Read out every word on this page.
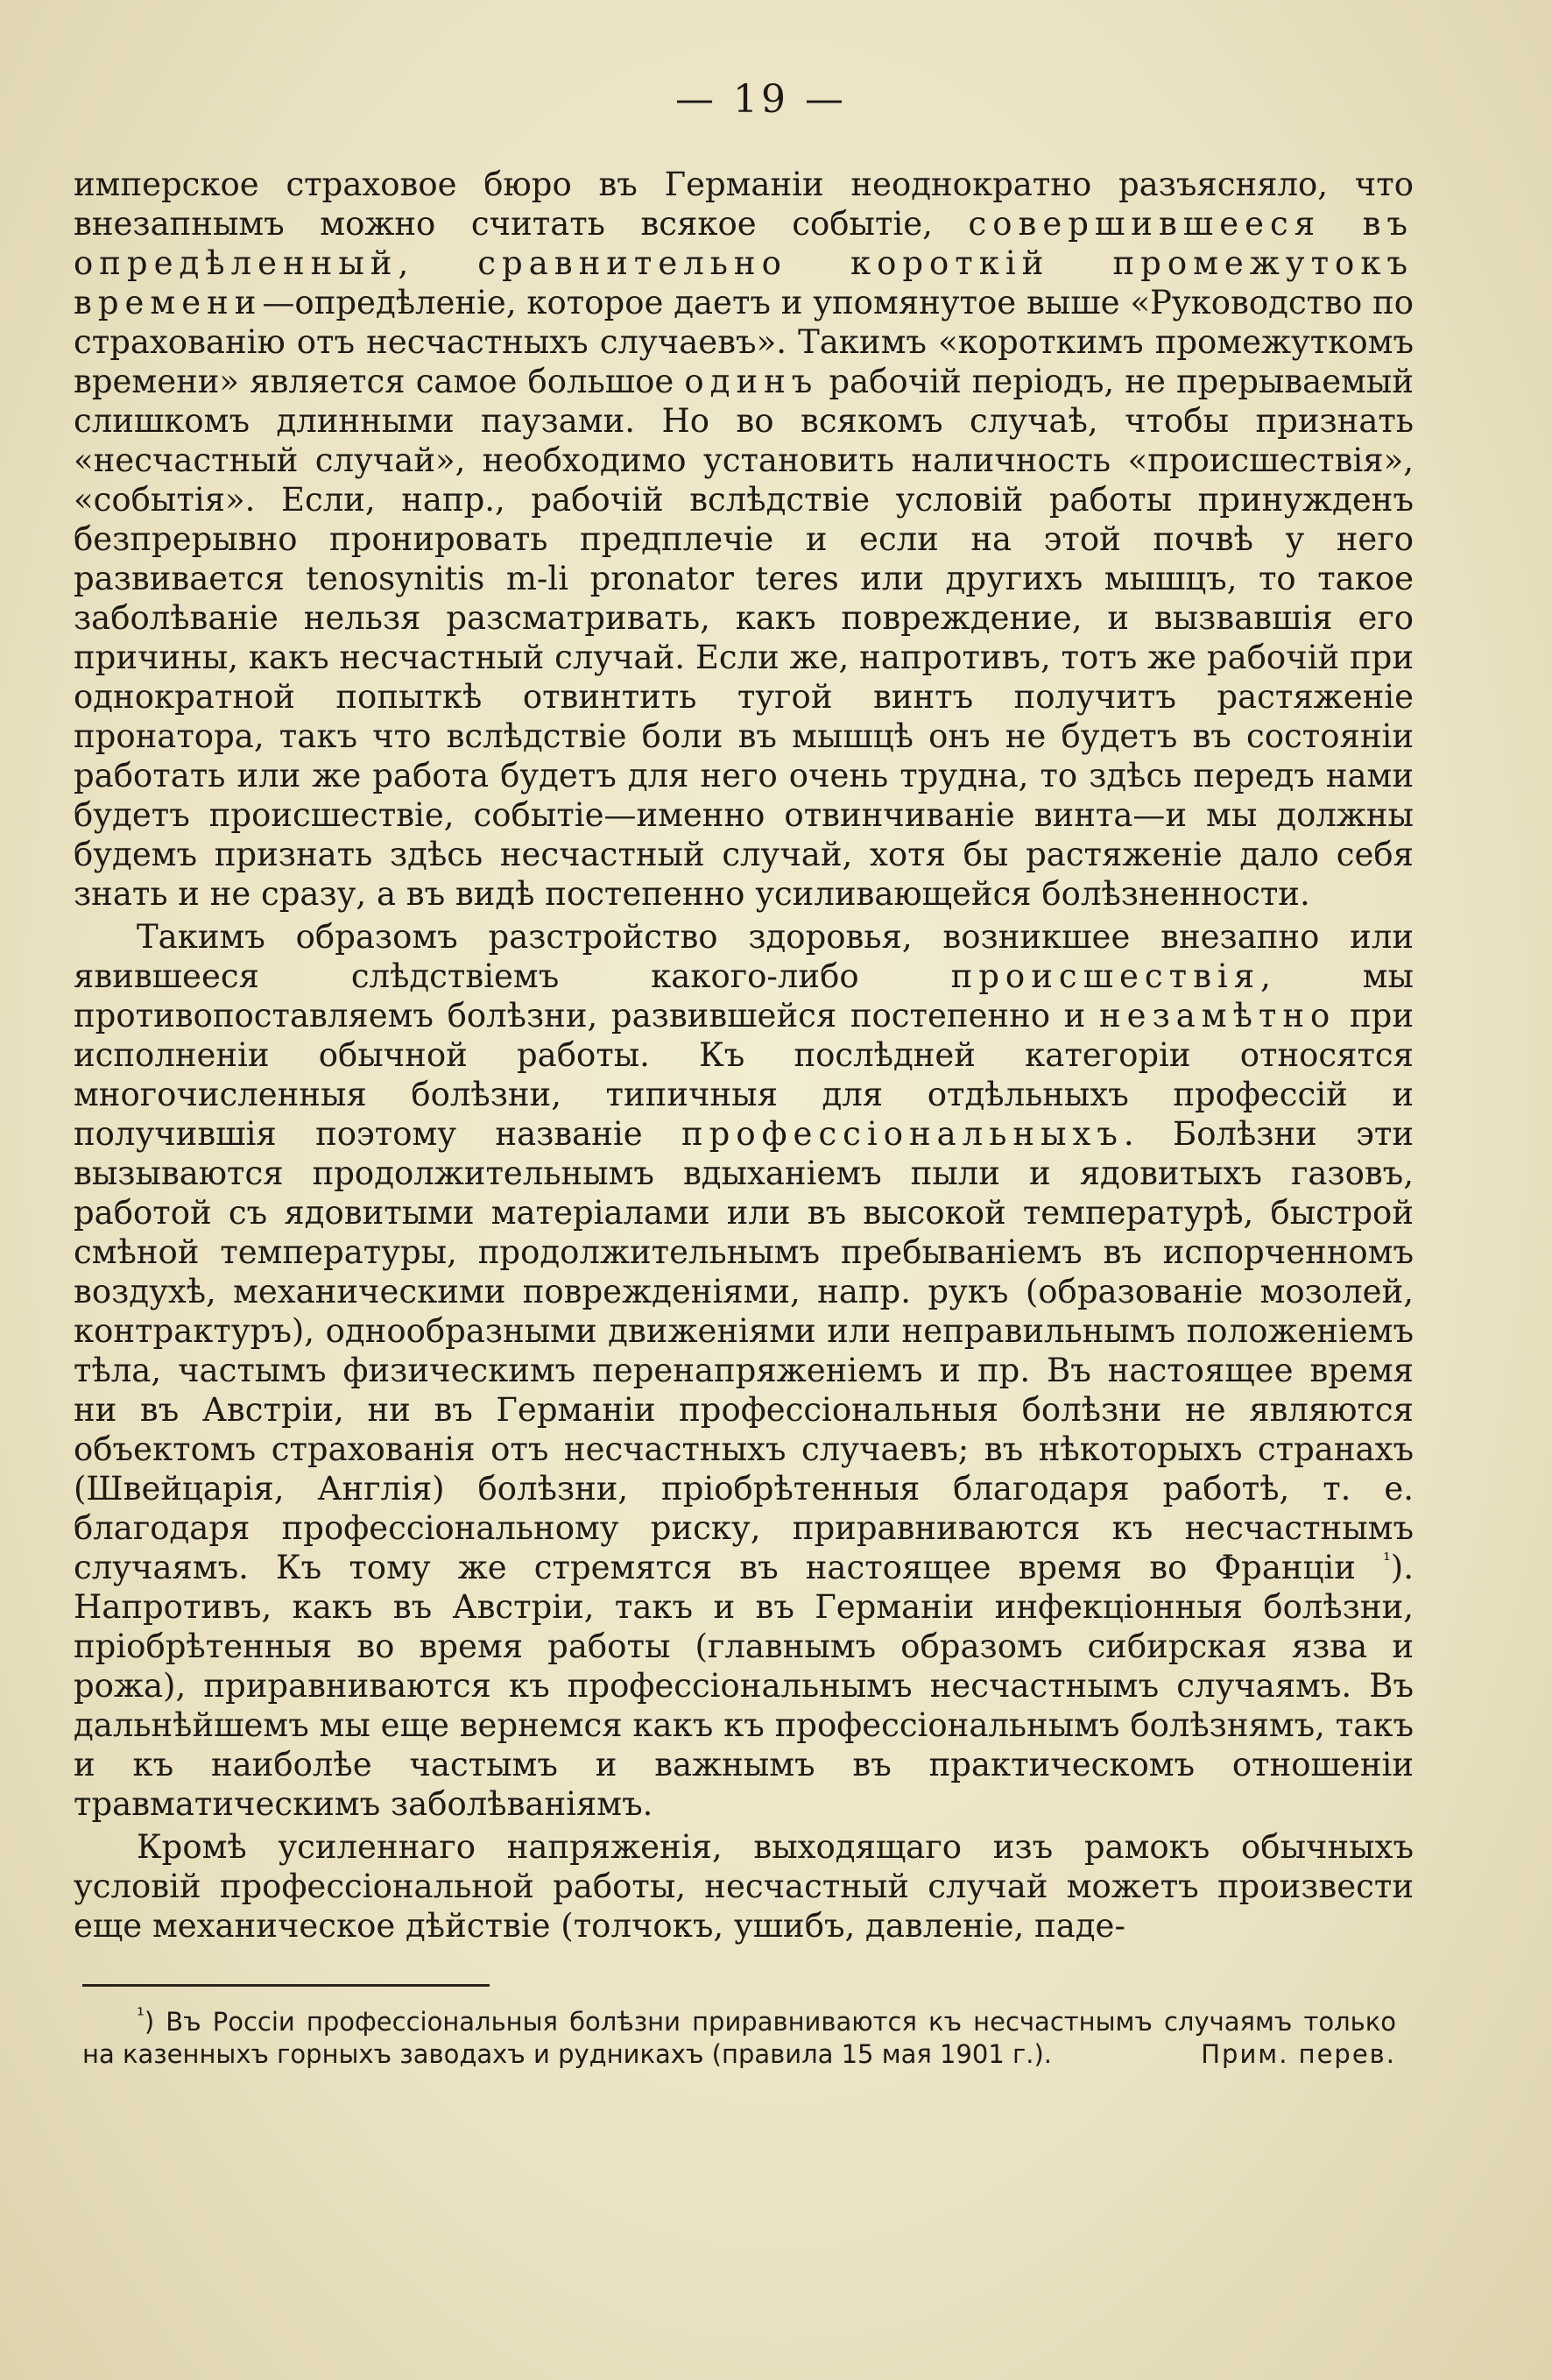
— 19 —

имперское страховое бюро въ Германіи неоднократно разъясняло, что внезапнымъ можно считать всякое событіе, совершившееся въ опредѣленный, сравнительно короткій промежутокъ времени—опредѣленіе, которое даетъ и упомянутое выше «Руководство по страхованію отъ несчастныхъ случаевъ». Такимъ «короткимъ промежуткомъ времени» является самое большое одинъ рабочій періодъ, не прерываемый слишкомъ длинными паузами. Но во всякомъ случаѣ, чтобы признать «несчастный случай», необходимо установить наличность «происшествія», «событія». Если, напр., рабочій вслѣдствіе условій работы принужденъ безпрерывно пронировать предплечіе и если на этой почвѣ у него развивается tenosynitis m-li pronator teres или другихъ мышцъ, то такое заболѣваніе нельзя разсматривать, какъ повреждение, и вызвавшія его причины, какъ несчастный случай. Если же, напротивъ, тотъ же рабочій при однократной попыткѣ отвинтить тугой винтъ получитъ растяженіе пронатора, такъ что вслѣдствіе боли въ мышцѣ онъ не будетъ въ состояніи работать или же работа будетъ для него очень трудна, то здѣсь передъ нами будетъ происшествіе, событіе—именно отвинчиваніе винта—и мы должны будемъ признать здѣсь несчастный случай, хотя бы растяженіе дало себя знать и не сразу, а въ видѣ постепенно усиливающейся болѣзненности.

Такимъ образомъ разстройство здоровья, возникшее внезапно или явившееся слѣдствіемъ какого-либо происшествія, мы противопоставляемъ болѣзни, развившейся постепенно и незамѣтно при исполненіи обычной работы. Къ послѣдней категоріи относятся многочисленныя болѣзни, типичныя для отдѣльныхъ профессій и получившія поэтому названіе профессіональныхъ. Болѣзни эти вызываются продолжительнымъ вдыханіемъ пыли и ядовитыхъ газовъ, работой съ ядовитыми матеріалами или въ высокой температурѣ, быстрой смѣной температуры, продолжительнымъ пребываніемъ въ испорченномъ воздухѣ, механическими поврежденіями, напр. рукъ (образованіе мозолей, контрактуръ), однообразными движеніями или неправильнымъ положеніемъ тѣла, частымъ физическимъ перенапряженіемъ и пр. Въ настоящее время ни въ Австріи, ни въ Германіи профессіональныя болѣзни не являются объектомъ страхованія отъ несчастныхъ случаевъ; въ нѣкоторыхъ странахъ (Швейцарія, Англія) болѣзни, пріобрѣтенныя благодаря работѣ, т. е. благодаря профессіональному риску, приравниваются къ несчастнымъ случаямъ. Къ тому же стремятся въ настоящее время во Франціи $^{^1}$). Напротивъ, какъ въ Австріи, такъ и въ Германіи инфекціонныя болѣзни, пріобрѣтенныя во время работы (главнымъ образомъ сибирская язва и рожа), приравниваются къ профессіональнымъ несчастнымъ случаямъ. Въ дальнѣйшемъ мы еще вернемся какъ къ профессіональнымъ болѣзнямъ, такъ и къ наиболѣе частымъ и важнымъ въ практическомъ отношеніи травматическимъ заболѣваніямъ.

Кромѣ усиленнаго напряженія, выходящаго изъ рамокъ обычныхъ условій профессіональной работы, несчастный случай можетъ произвести еще механическое дѣйствіе (толчокъ, ушибъ, давленіе, паде-

$^{^1}$) Въ Россіи профессіональныя болѣзни приравниваются къ несчастнымъ случаямъ только на казенныхъ горныхъ заводахъ и рудникахъ (правила 15 мая 1901 г.).	Прим. перев.
